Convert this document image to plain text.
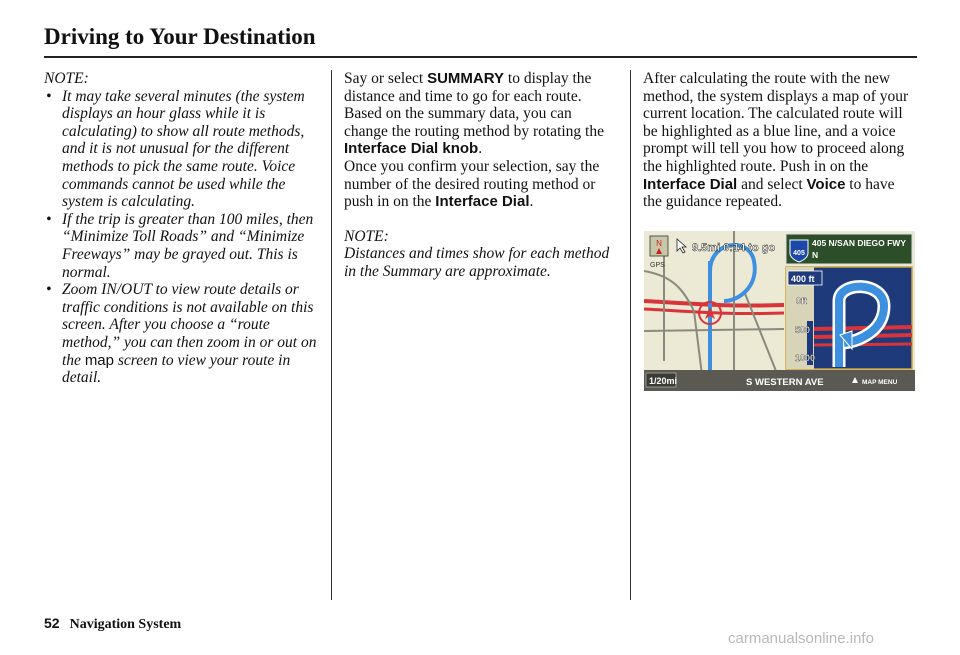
Driving to Your Destination
NOTE:
• It may take several minutes (the system displays an hour glass while it is calculating) to show all route methods, and it is not unusual for the different methods to pick the same route. Voice commands cannot be used while the system is calculating.
• If the trip is greater than 100 miles, then “Minimize Toll Roads” and “Minimize Freeways” may be grayed out. This is normal.
• Zoom IN/OUT to view route details or traffic conditions is not available on this screen. After you choose a “route method,” you can then zoom in or out on the map screen to view your route in detail.

Say or select SUMMARY to display the distance and time to go for each route. Based on the summary data, you can change the routing method by rotating the Interface Dial knob.

Once you confirm your selection, say the number of the desired routing method or push in on the Interface Dial.

NOTE:
Distances and times show for each method in the Summary are approximate.

After calculating the route with the new method, the system displays a map of your current location. The calculated route will be highlighted as a blue line, and a voice prompt will tell you how to proceed along the highlighted route. Push in on the Interface Dial and select Voice to have the guidance repeated.

N
GPS
9.5mi 0:14 to go	405
405 N/SAN DIEGO FWY
N
400 ft
0ft
500
1000
1/20mi	S WESTERN AVE	MAP MENU
52 Navigation System
carmanualsonline.info
